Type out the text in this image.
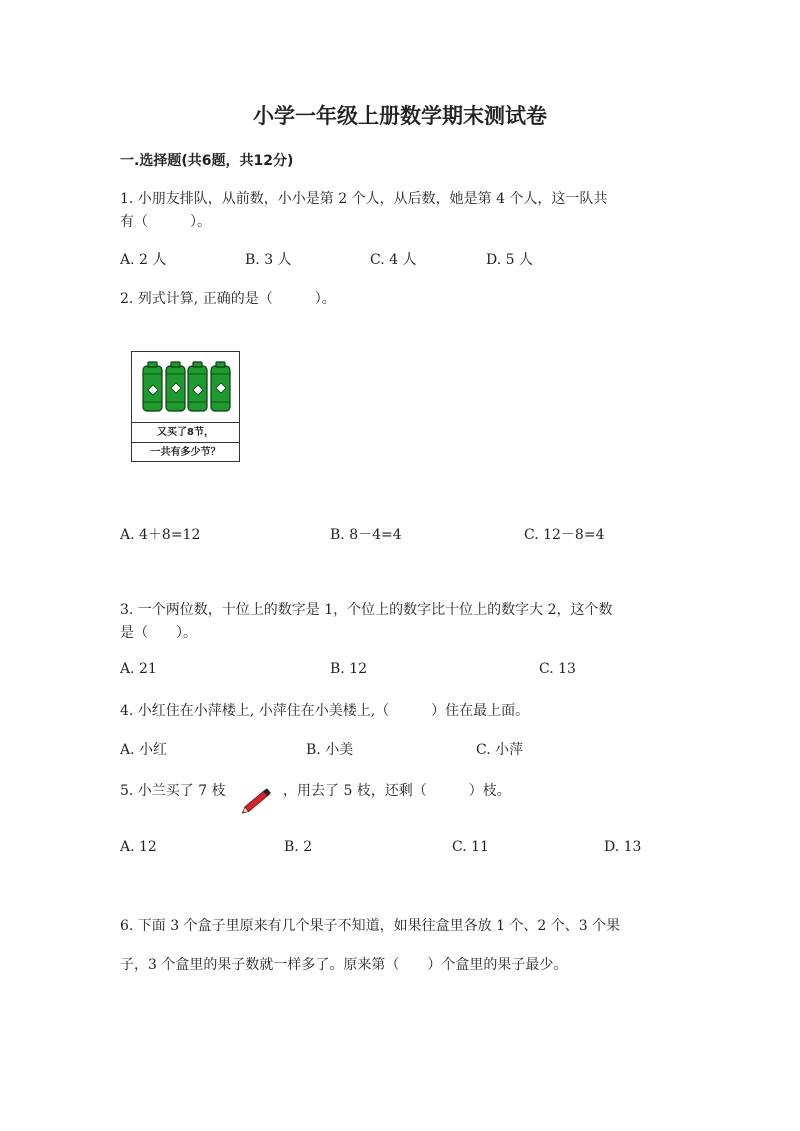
小学一年级上册数学期末测试卷
一.选择题(共6题，共12分)
1. 小朋友排队，从前数，小小是第 2 个人，从后数，她是第 4 个人，这一队共
有（　　　）。
A. 2 人	B. 3 人	C. 4 人	D. 5 人
2. 列式计算, 正确的是（　　　）。
又买了8节，
一共有多少节？
A. 4＋8=12	B. 8－4=4	C. 12－8=4
3. 一个两位数，十位上的数字是 1，个位上的数字比十位上的数字大 2，这个数
是（　　）。
A. 21	B. 12	C. 13
4. 小红住在小萍楼上, 小萍住在小美楼上,（　　　）住在最上面。
A. 小红	B. 小美	C. 小萍
5. 小兰买了 7 枝	，用去了 5 枝，还剩（　　　）枝。
A. 12	B. 2	C. 11	D. 13
6. 下面 3 个盒子里原来有几个果子不知道，如果往盒里各放 1 个、2 个、3 个果
子，3 个盒里的果子数就一样多了。原来第（　　）个盒里的果子最少。
